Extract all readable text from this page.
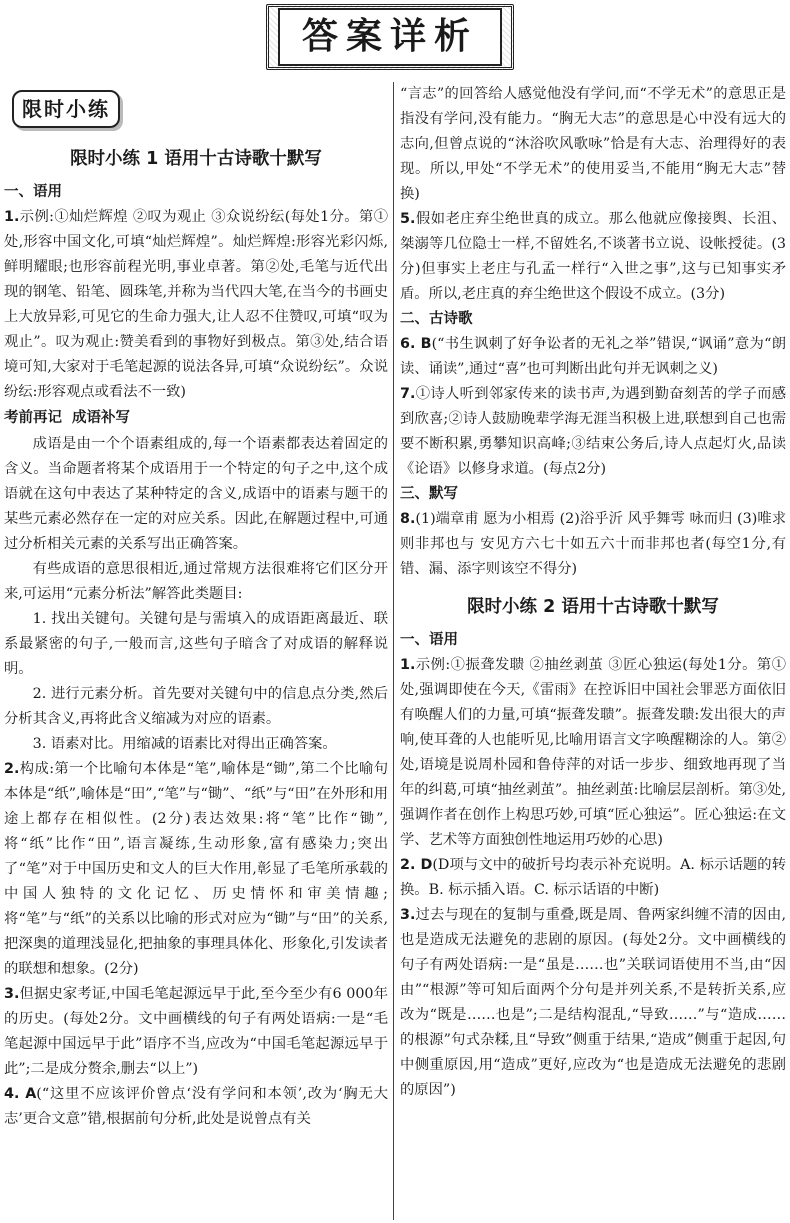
答案详析
限时小练
限时小练 1 语用十古诗歌十默写
一、语用

1.示例:①灿烂辉煌 ②叹为观止 ③众说纷纭(每处1分。第①处,形容中国文化,可填“灿烂辉煌”。灿烂辉煌:形容光彩闪烁,鲜明耀眼;也形容前程光明,事业卓著。第②处,毛笔与近代出现的钢笔、铅笔、圆珠笔,并称为当代四大笔,在当今的书画史上大放异彩,可见它的生命力强大,让人忍不住赞叹,可填“叹为观止”。叹为观止:赞美看到的事物好到极点。第③处,结合语境可知,大家对于毛笔起源的说法各异,可填“众说纷纭”。众说纷纭:形容观点或看法不一致)

考前再记 成语补写

成语是由一个个语素组成的,每一个语素都表达着固定的含义。当命题者将某个成语用于一个特定的句子之中,这个成语就在这句中表达了某种特定的含义,成语中的语素与题干的某些元素必然存在一定的对应关系。因此,在解题过程中,可通过分析相关元素的关系写出正确答案。

有些成语的意思很相近,通过常规方法很难将它们区分开来,可运用“元素分析法”解答此类题目:

1. 找出关键句。关键句是与需填入的成语距离最近、联系最紧密的句子,一般而言,这些句子暗含了对成语的解释说明。

2. 进行元素分析。首先要对关键句中的信息点分类,然后分析其含义,再将此含义缩减为对应的语素。

3. 语素对比。用缩减的语素比对得出正确答案。

2.构成:第一个比喻句本体是“笔”,喻体是“锄”,第二个比喻句本体是“纸”,喻体是“田”,“笔”与“锄”、“纸”与“田”在外形和用途上都存在相似性。(2分)表达效果:将“笔”比作“锄”,将“纸”比作“田”,语言凝练,生动形象,富有感染力;突出了“笔”对于中国历史和文人的巨大作用,彰显了毛笔所承载的中国人独特的文化记忆、历史情怀和审美情趣;将“笔”与“纸”的关系以比喻的形式对应为“锄”与“田”的关系,把深奥的道理浅显化,把抽象的事理具体化、形象化,引发读者的联想和想象。(2分)

3.但据史家考证,中国毛笔起源远早于此,至今至少有6 000年的历史。(每处2分。文中画横线的句子有两处语病:一是“毛笔起源中国远早于此”语序不当,应改为“中国毛笔起源远早于此”;二是成分赘余,删去“以上”)

4. A(“这里不应该评价曾点‘没有学问和本领’,改为‘胸无大志’更合文意”错,根据前句分析,此处是说曾点有关

“言志”的回答给人感觉他没有学问,而“不学无术”的意思正是指没有学问,没有能力。“胸无大志”的意思是心中没有远大的志向,但曾点说的“沐浴吹风歌咏”恰是有大志、治理得好的表现。所以,甲处“不学无术”的使用妥当,不能用“胸无大志”替换)

5.假如老庄弃尘绝世真的成立。那么他就应像接舆、长沮、桀溺等几位隐士一样,不留姓名,不谈著书立说、设帐授徒。(3分)但事实上老庄与孔孟一样行“入世之事”,这与已知事实矛盾。所以,老庄真的弃尘绝世这个假设不成立。(3分)

二、古诗歌

6. B(“书生讽刺了好争讼者的无礼之举”错误,“讽诵”意为“朗读、诵读”,通过“喜”也可判断出此句并无讽刺之义)

7.①诗人听到邻家传来的读书声,为遇到勤奋刻苦的学子而感到欣喜;②诗人鼓励晚辈学海无涯当积极上进,联想到自己也需要不断积累,勇攀知识高峰;③结束公务后,诗人点起灯火,品读《论语》以修身求道。(每点2分)

三、默写

8.(1)端章甫 愿为小相焉 (2)浴乎沂 风乎舞雩 咏而归 (3)唯求则非邦也与 安见方六七十如五六十而非邦也者(每空1分,有错、漏、添字则该空不得分)

限时小练 2 语用十古诗歌十默写
一、语用

1.示例:①振聋发聩 ②抽丝剥茧 ③匠心独运(每处1分。第①处,强调即使在今天,《雷雨》在控诉旧中国社会罪恶方面依旧有唤醒人们的力量,可填“振聋发聩”。振聋发聩:发出很大的声响,使耳聋的人也能听见,比喻用语言文字唤醒糊涂的人。第②处,语境是说周朴园和鲁侍萍的对话一步步、细致地再现了当年的纠葛,可填“抽丝剥茧”。抽丝剥茧:比喻层层剖析。第③处,强调作者在创作上构思巧妙,可填“匠心独运”。匠心独运:在文学、艺术等方面独创性地运用巧妙的心思)

2. D(D项与文中的破折号均表示补充说明。A. 标示话题的转换。B. 标示插入语。C. 标示话语的中断)

3.过去与现在的复制与重叠,既是周、鲁两家纠缠不清的因由,也是造成无法避免的悲剧的原因。(每处2分。文中画横线的句子有两处语病:一是“虽是……也”关联词语使用不当,由“因由”“根源”等可知后面两个分句是并列关系,不是转折关系,应改为“既是……也是”;二是结构混乱,“导致……”与“造成……的根源”句式杂糅,且“导致”侧重于结果,“造成”侧重于起因,句中侧重原因,用“造成”更好,应改为“也是造成无法避免的悲剧的原因”)
